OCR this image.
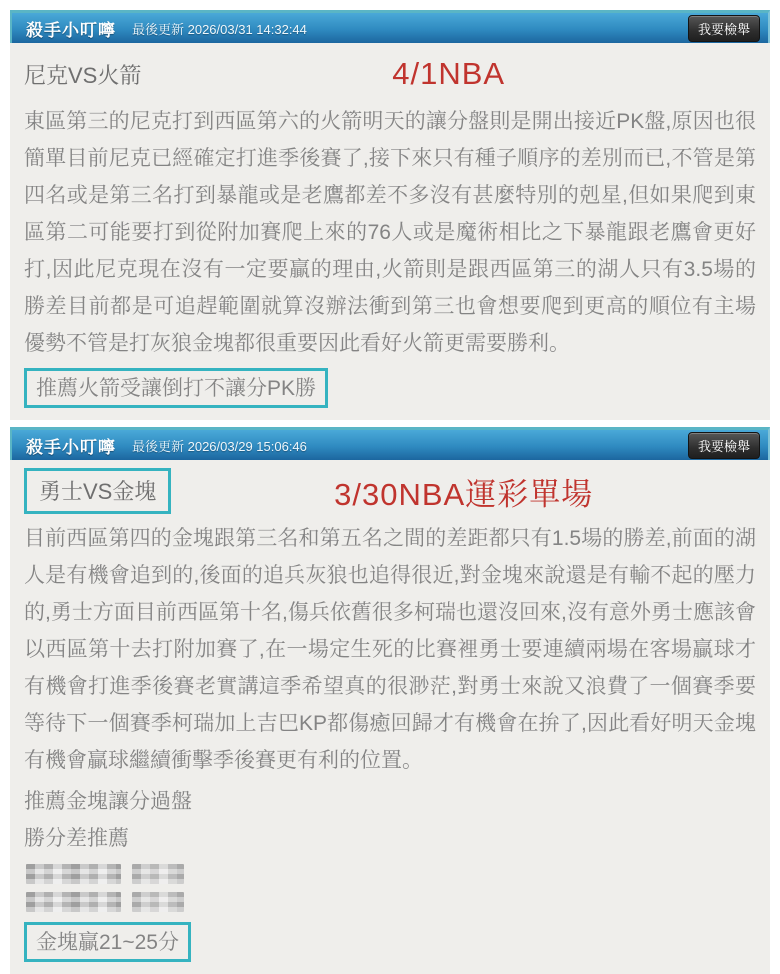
殺手小叮嚀 最後更新 2026/03/31 14:32:44	我要檢舉
尼克VS火箭	4/1NBA
東區第三的尼克打到西區第六的火箭明天的讓分盤則是開出接近PK盤,原因也很簡單目前尼克已經確定打進季後賽了,接下來只有種子順序的差別而已,不管是第四名或是第三名打到暴龍或是老鷹都差不多沒有甚麼特別的剋星,但如果爬到東區第二可能要打到從附加賽爬上來的76人或是魔術相比之下暴龍跟老鷹會更好打,因此尼克現在沒有一定要贏的理由,火箭則是跟西區第三的湖人只有3.5場的勝差目前都是可追趕範圍就算沒辦法衝到第三也會想要爬到更高的順位有主場優勢不管是打灰狼金塊都很重要因此看好火箭更需要勝利。
推薦火箭受讓倒打不讓分PK勝
殺手小叮嚀 最後更新 2026/03/29 15:06:46	我要檢舉
勇士VS金塊	3/30NBA運彩單場
目前西區第四的金塊跟第三名和第五名之間的差距都只有1.5場的勝差,前面的湖人是有機會追到的,後面的追兵灰狼也追得很近,對金塊來說還是有輸不起的壓力的,勇士方面目前西區第十名,傷兵依舊很多柯瑞也還沒回來,沒有意外勇士應該會以西區第十去打附加賽了,在一場定生死的比賽裡勇士要連續兩場在客場贏球才有機會打進季後賽老實講這季希望真的很渺茫,對勇士來說又浪費了一個賽季要等待下一個賽季柯瑞加上吉巴KP都傷癒回歸才有機會在拚了,因此看好明天金塊有機會贏球繼續衝擊季後賽更有利的位置。
推薦金塊讓分過盤
勝分差推薦
金塊贏21~25分
